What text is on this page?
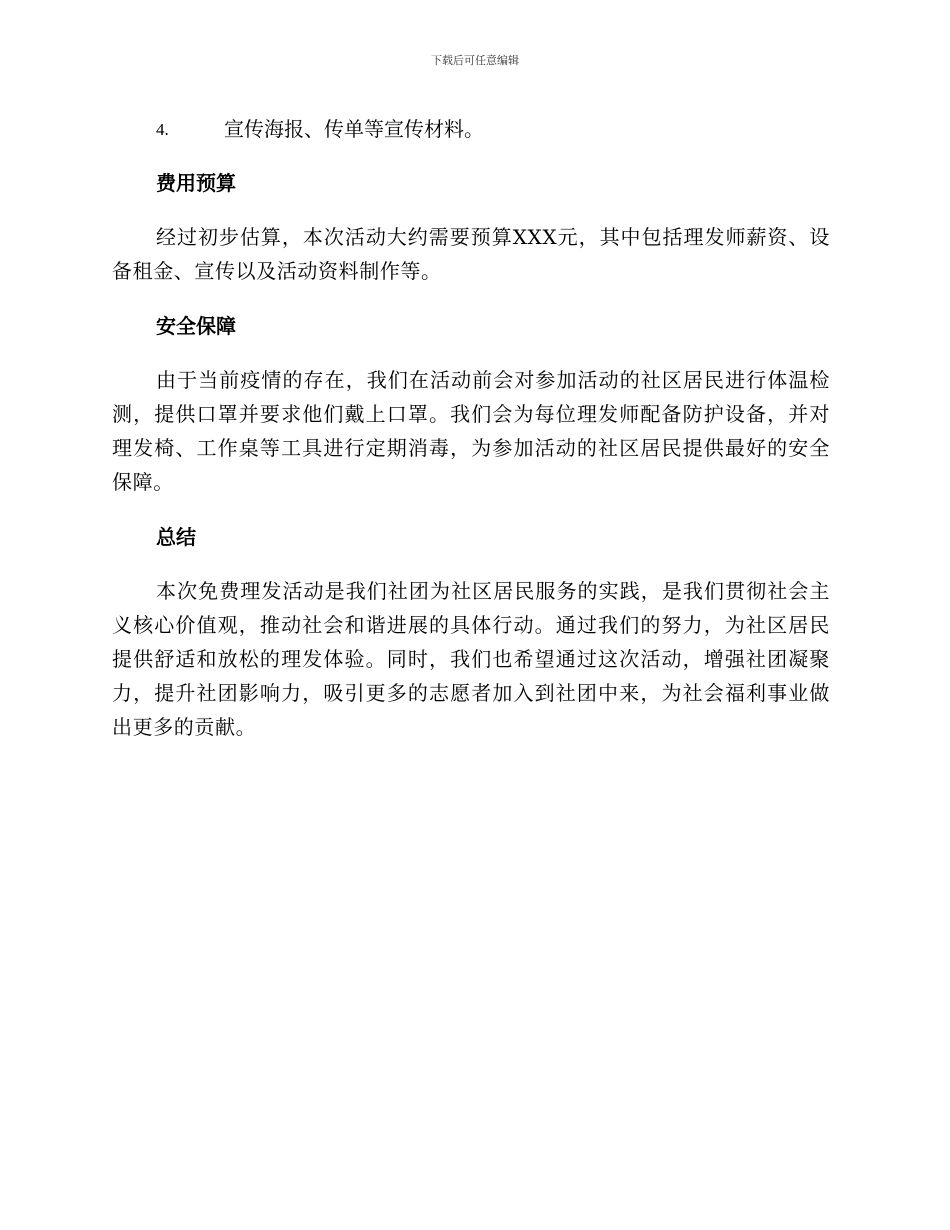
下载后可任意编辑
4.	宣传海报、传单等宣传材料。
费用预算

经过初步估算，本次活动大约需要预算XXX元，其中包括理发师薪资、设备租金、宣传以及活动资料制作等。

安全保障

由于当前疫情的存在，我们在活动前会对参加活动的社区居民进行体温检测，提供口罩并要求他们戴上口罩。我们会为每位理发师配备防护设备，并对理发椅、工作桌等工具进行定期消毒，为参加活动的社区居民提供最好的安全保障。

总结

本次免费理发活动是我们社团为社区居民服务的实践，是我们贯彻社会主义核心价值观，推动社会和谐进展的具体行动。通过我们的努力，为社区居民提供舒适和放松的理发体验。同时，我们也希望通过这次活动，增强社团凝聚力，提升社团影响力，吸引更多的志愿者加入到社团中来，为社会福利事业做出更多的贡献。
